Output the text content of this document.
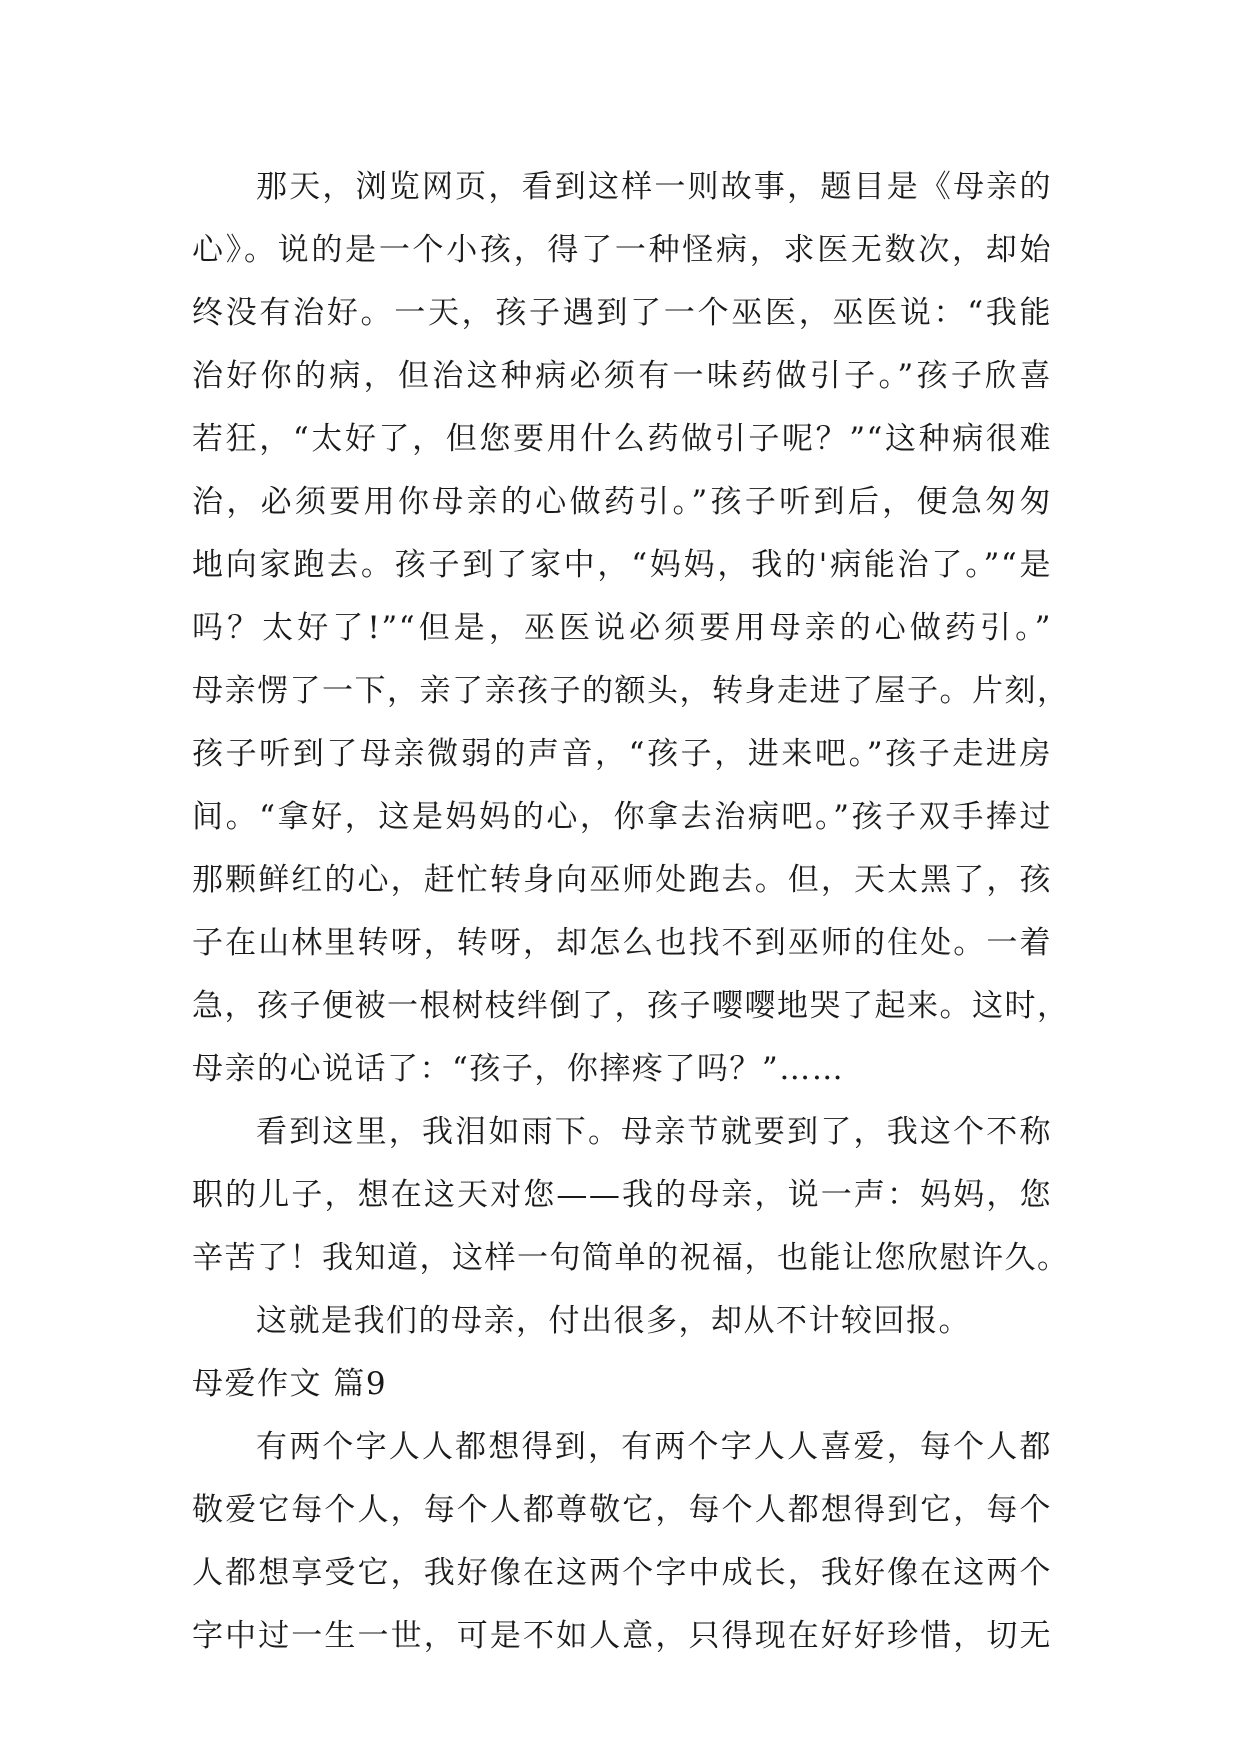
那天，浏览网页，看到这样一则故事，题目是《母亲的
心》。说的是一个小孩，得了一种怪病，求医无数次，却始
终没有治好。一天，孩子遇到了一个巫医，巫医说：“我能
治好你的病，但治这种病必须有一味药做引子。”孩子欣喜
若狂，“太好了，但您要用什么药做引子呢？”“这种病很难
治，必须要用你母亲的心做药引。”孩子听到后，便急匆匆
地向家跑去。孩子到了家中，“妈妈，我的'病能治了。”“是
吗？太好了!”“但是，巫医说必须要用母亲的心做药引。”
母亲愣了一下，亲了亲孩子的额头，转身走进了屋子。片刻，
孩子听到了母亲微弱的声音，“孩子，进来吧。”孩子走进房
间。“拿好，这是妈妈的心，你拿去治病吧。”孩子双手捧过
那颗鲜红的心，赶忙转身向巫师处跑去。但，天太黑了，孩
子在山林里转呀，转呀，却怎么也找不到巫师的住处。一着
急，孩子便被一根树枝绊倒了，孩子嘤嘤地哭了起来。这时，
母亲的心说话了：“孩子，你摔疼了吗？”……
看到这里，我泪如雨下。母亲节就要到了，我这个不称
职的儿子，想在这天对您——我的母亲，说一声：妈妈，您
辛苦了！我知道，这样一句简单的祝福，也能让您欣慰许久。
这就是我们的母亲，付出很多，却从不计较回报。
母爱作文 篇9
有两个字人人都想得到，有两个字人人喜爱，每个人都
敬爱它每个人，每个人都尊敬它，每个人都想得到它，每个
人都想享受它，我好像在这两个字中成长，我好像在这两个
字中过一生一世，可是不如人意，只得现在好好珍惜，切无
